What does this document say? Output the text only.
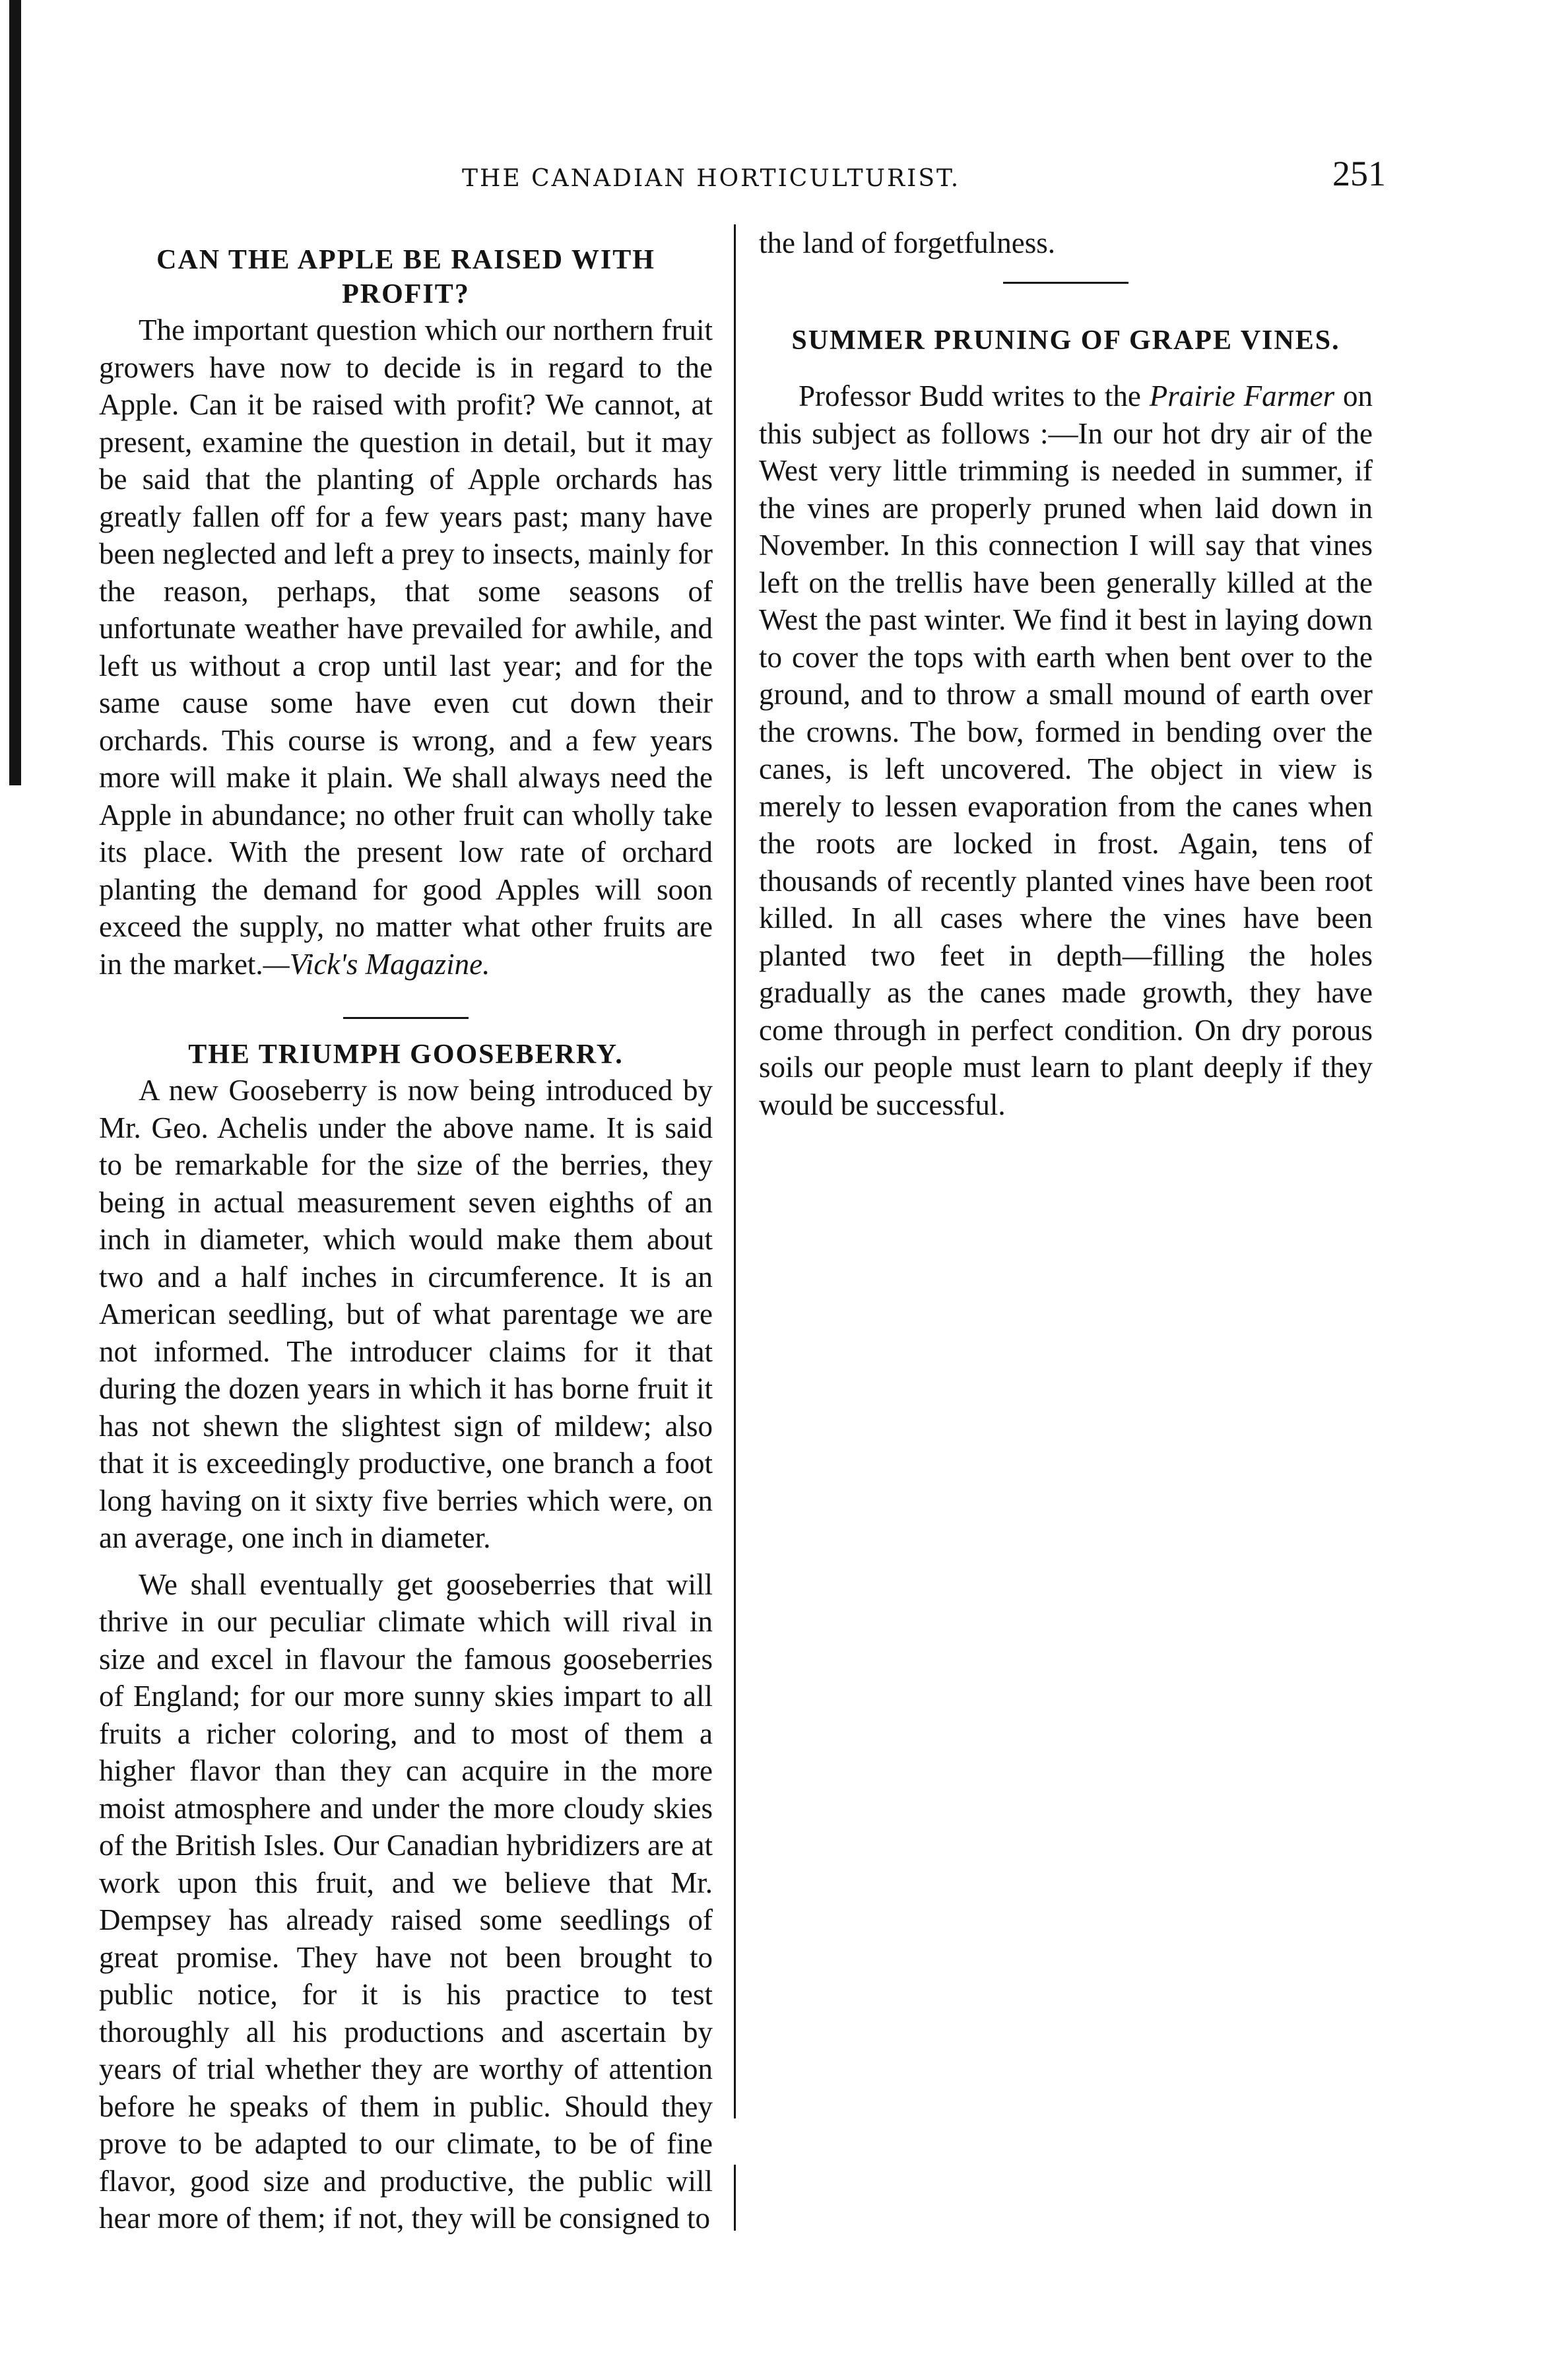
THE CANADIAN HORTICULTURIST.	251
CAN THE APPLE BE RAISED WITH PROFIT?

The important question which our northern fruit growers have now to decide is in regard to the Apple. Can it be raised with profit? We cannot, at present, examine the question in detail, but it may be said that the planting of Apple orchards has greatly fallen off for a few years past; many have been neglected and left a prey to insects, mainly for the reason, perhaps, that some seasons of unfortunate weather have prevailed for awhile, and left us without a crop until last year; and for the same cause some have even cut down their orchards. This course is wrong, and a few years more will make it plain. We shall always need the Apple in abundance; no other fruit can wholly take its place. With the present low rate of orchard planting the demand for good Apples will soon exceed the supply, no matter what other fruits are in the market.—Vick's Magazine.

THE TRIUMPH GOOSEBERRY.

A new Gooseberry is now being introduced by Mr. Geo. Achelis under the above name. It is said to be remarkable for the size of the berries, they being in actual measurement seven eighths of an inch in diameter, which would make them about two and a half inches in circumference. It is an American seedling, but of what parentage we are not informed. The introducer claims for it that during the dozen years in which it has borne fruit it has not shewn the slightest sign of mildew; also that it is exceedingly productive, one branch a foot long having on it sixty five berries which were, on an average, one inch in diameter.

We shall eventually get gooseberries that will thrive in our peculiar climate which will rival in size and excel in flavour the famous gooseberries of England; for our more sunny skies impart to all fruits a richer coloring, and to most of them a higher flavor than they can acquire in the more moist atmosphere and under the more cloudy skies of the British Isles. Our Canadian hybridizers are at work upon this fruit, and we believe that Mr. Dempsey has already raised some seedlings of great promise. They have not been brought to public notice, for it is his practice to test thoroughly all his productions and ascertain by years of trial whether they are worthy of attention before he speaks of them in public. Should they prove to be adapted to our climate, to be of fine flavor, good size and productive, the public will hear more of them; if not, they will be consigned to

SUMMER PRUNING OF GRAPE VINES.

Professor Budd writes to the Prairie Farmer on this subject as follows :—In our hot dry air of the West very little trimming is needed in summer, if the vines are properly pruned when laid down in November. In this connection I will say that vines left on the trellis have been generally killed at the West the past winter. We find it best in laying down to cover the tops with earth when bent over to the ground, and to throw a small mound of earth over the crowns. The bow, formed in bending over the canes, is left uncovered. The object in view is merely to lessen evaporation from the canes when the roots are locked in frost. Again, tens of thousands of recently planted vines have been root killed. In all cases where the vines have been planted two feet in depth—filling the holes gradually as the canes made growth, they have come through in perfect condition. On dry porous soils our people must learn to plant deeply if they would be successful.

the land of forgetfulness.
